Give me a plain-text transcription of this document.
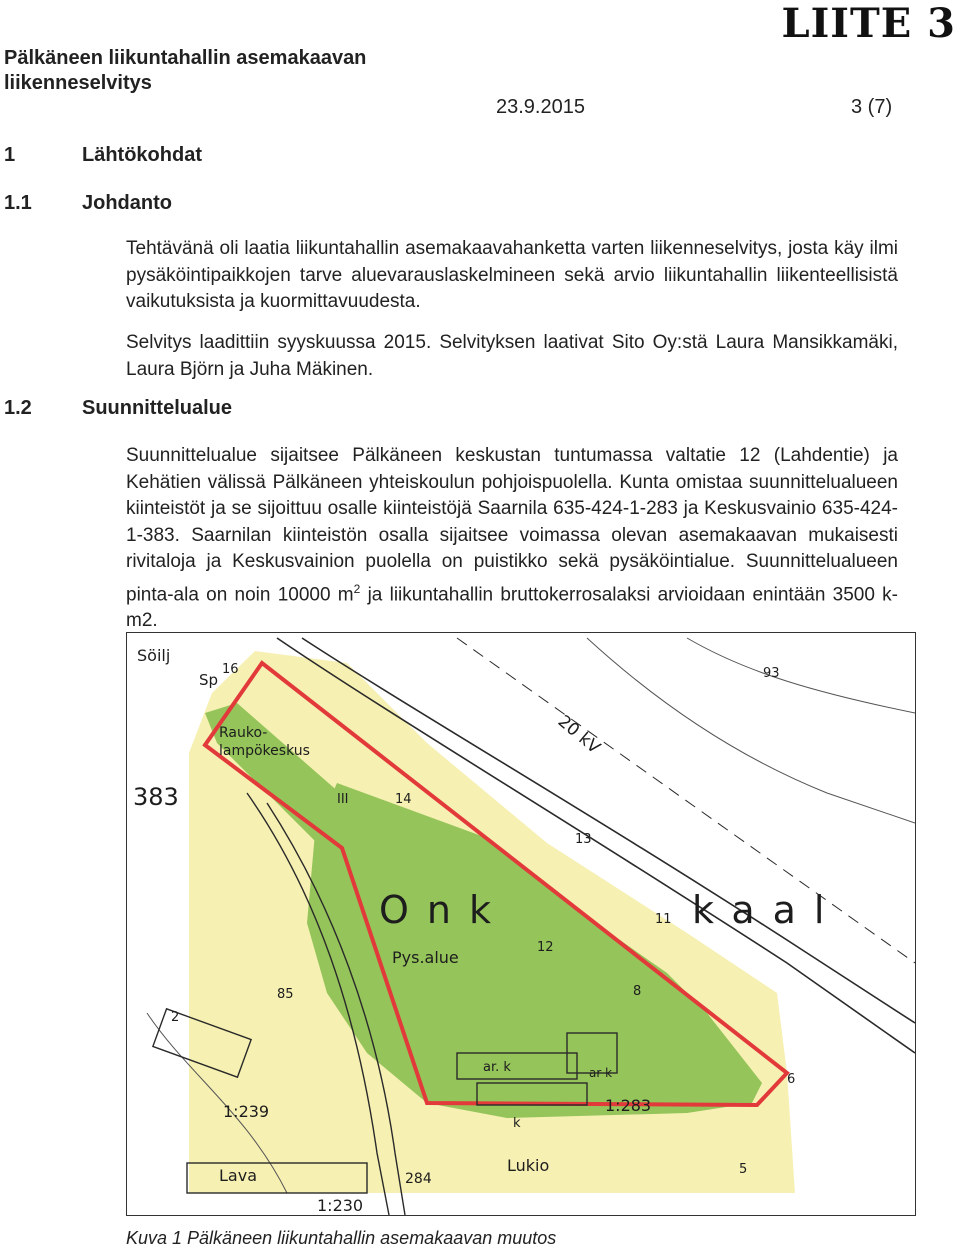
Pälkäneen liikuntahallin asemakaavan
liikenneselvitys
LIITE 3
23.9.2015	3 (7)
1	Lähtökohdat
1.1	Johdanto
Tehtävänä oli laatia liikuntahallin asemakaavahanketta varten liikenneselvitys, josta käy ilmi pysäköintipaikkojen tarve aluevarauslaskelmineen sekä arvio liikuntahallin liikenteellisistä vaikutuksista ja kuormittavuudesta.
Selvitys laadittiin syyskuussa 2015. Selvityksen laativat Sito Oy:stä Laura Mansikkamäki, Laura Björn ja Juha Mäkinen.
1.2	Suunnittelualue
Suunnittelualue sijaitsee Pälkäneen keskustan tuntumassa valtatie 12 (Lahdentie) ja Kehätien välissä Pälkäneen yhteiskoulun pohjoispuolella. Kunta omistaa suunnittelualueen kiinteistöt ja se sijoittuu osalle kiinteistöjä Saarnila 635-424-1-283 ja Keskusvainio 635-424-1-383. Saarnilan kiinteistön osalla sijaitsee voimassa olevan asemakaavan mukaisesti rivitaloja ja Keskusvainion puolella on puistikko sekä pysäköintialue. Suunnittelualueen pinta-ala on noin 10000 $m^2$ ja liikuntahallin bruttokerrosalaksi arvioidaan enintään 3500 k-m2.
Söilj
Sp
16
Rauko-
lampökeskus
383	III	14
Onk	kaal
Pys.alue
12
13
11
8
6
5
85
93
20 kV
2
1:239	1:283
1:230
Lava
Lukio
284
ar. k
k
ar k
Kuva 1 Pälkäneen liikuntahallin asemakaavan muutos
